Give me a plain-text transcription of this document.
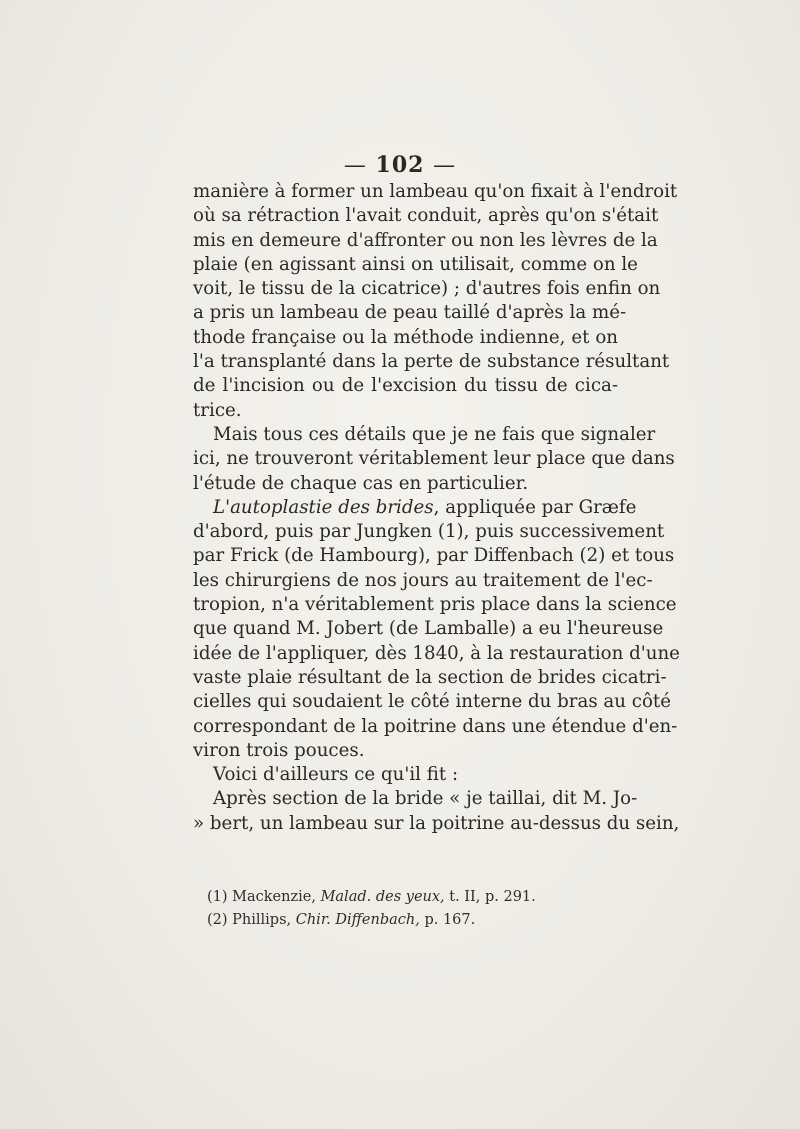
— 102 —
manière à former un lambeau qu'on fixait à l'endroit
où sa rétraction l'avait conduit, après qu'on s'était
mis en demeure d'affronter ou non les lèvres de la
plaie (en agissant ainsi on utilisait, comme on le
voit, le tissu de la cicatrice) ; d'autres fois enfin on
a pris un lambeau de peau taillé d'après la mé-
thode française ou la méthode indienne, et on
l'a transplanté dans la perte de substance résultant
de l'incision ou de l'excision du tissu de cica-
trice.
Mais tous ces détails que je ne fais que signaler
ici, ne trouveront véritablement leur place que dans
l'étude de chaque cas en particulier.
L'autoplastie des brides, appliquée par Græfe
d'abord, puis par Jungken (1), puis successivement
par Frick (de Hambourg), par Diffenbach (2) et tous
les chirurgiens de nos jours au traitement de l'ec-
tropion, n'a véritablement pris place dans la science
que quand M. Jobert (de Lamballe) a eu l'heureuse
idée de l'appliquer, dès 1840, à la restauration d'une
vaste plaie résultant de la section de brides cicatri-
cielles qui soudaient le côté interne du bras au côté
correspondant de la poitrine dans une étendue d'en-
viron trois pouces.
Voici d'ailleurs ce qu'il fit :
Après section de la bride « je taillai, dit M. Jo-
» bert, un lambeau sur la poitrine au-dessus du sein,
(1) Mackenzie, Malad. des yeux, t. II, p. 291.
(2) Phillips, Chir. Diffenbach, p. 167.
